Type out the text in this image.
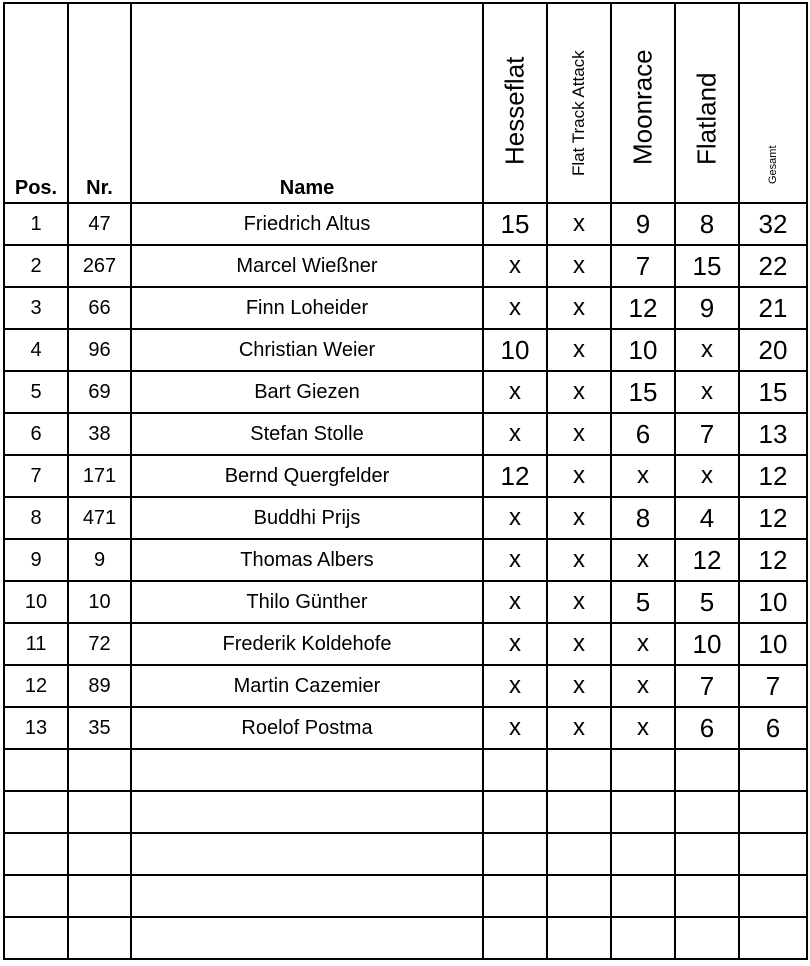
Pos.	Nr.	Name	Hesseflat	Flat Track Attack	Moonrace	Flatland	Gesamt

1	47	Friedrich Altus	15	x	9	8	32
2	267	Marcel Wießner	x	x	7	15	22
3	66	Finn Loheider	x	x	12	9	21
4	96	Christian Weier	10	x	10	x	20
5	69	Bart Giezen	x	x	15	x	15
6	38	Stefan Stolle	x	x	6	7	13
7	171	Bernd Quergfelder	12	x	x	x	12
8	471	Buddhi Prijs	x	x	8	4	12
9	9	Thomas Albers	x	x	x	12	12
10	10	Thilo Günther	x	x	5	5	10
11	72	Frederik Koldehofe	x	x	x	10	10
12	89	Martin Cazemier	x	x	x	7	7
13	35	Roelof Postma	x	x	x	6	6
